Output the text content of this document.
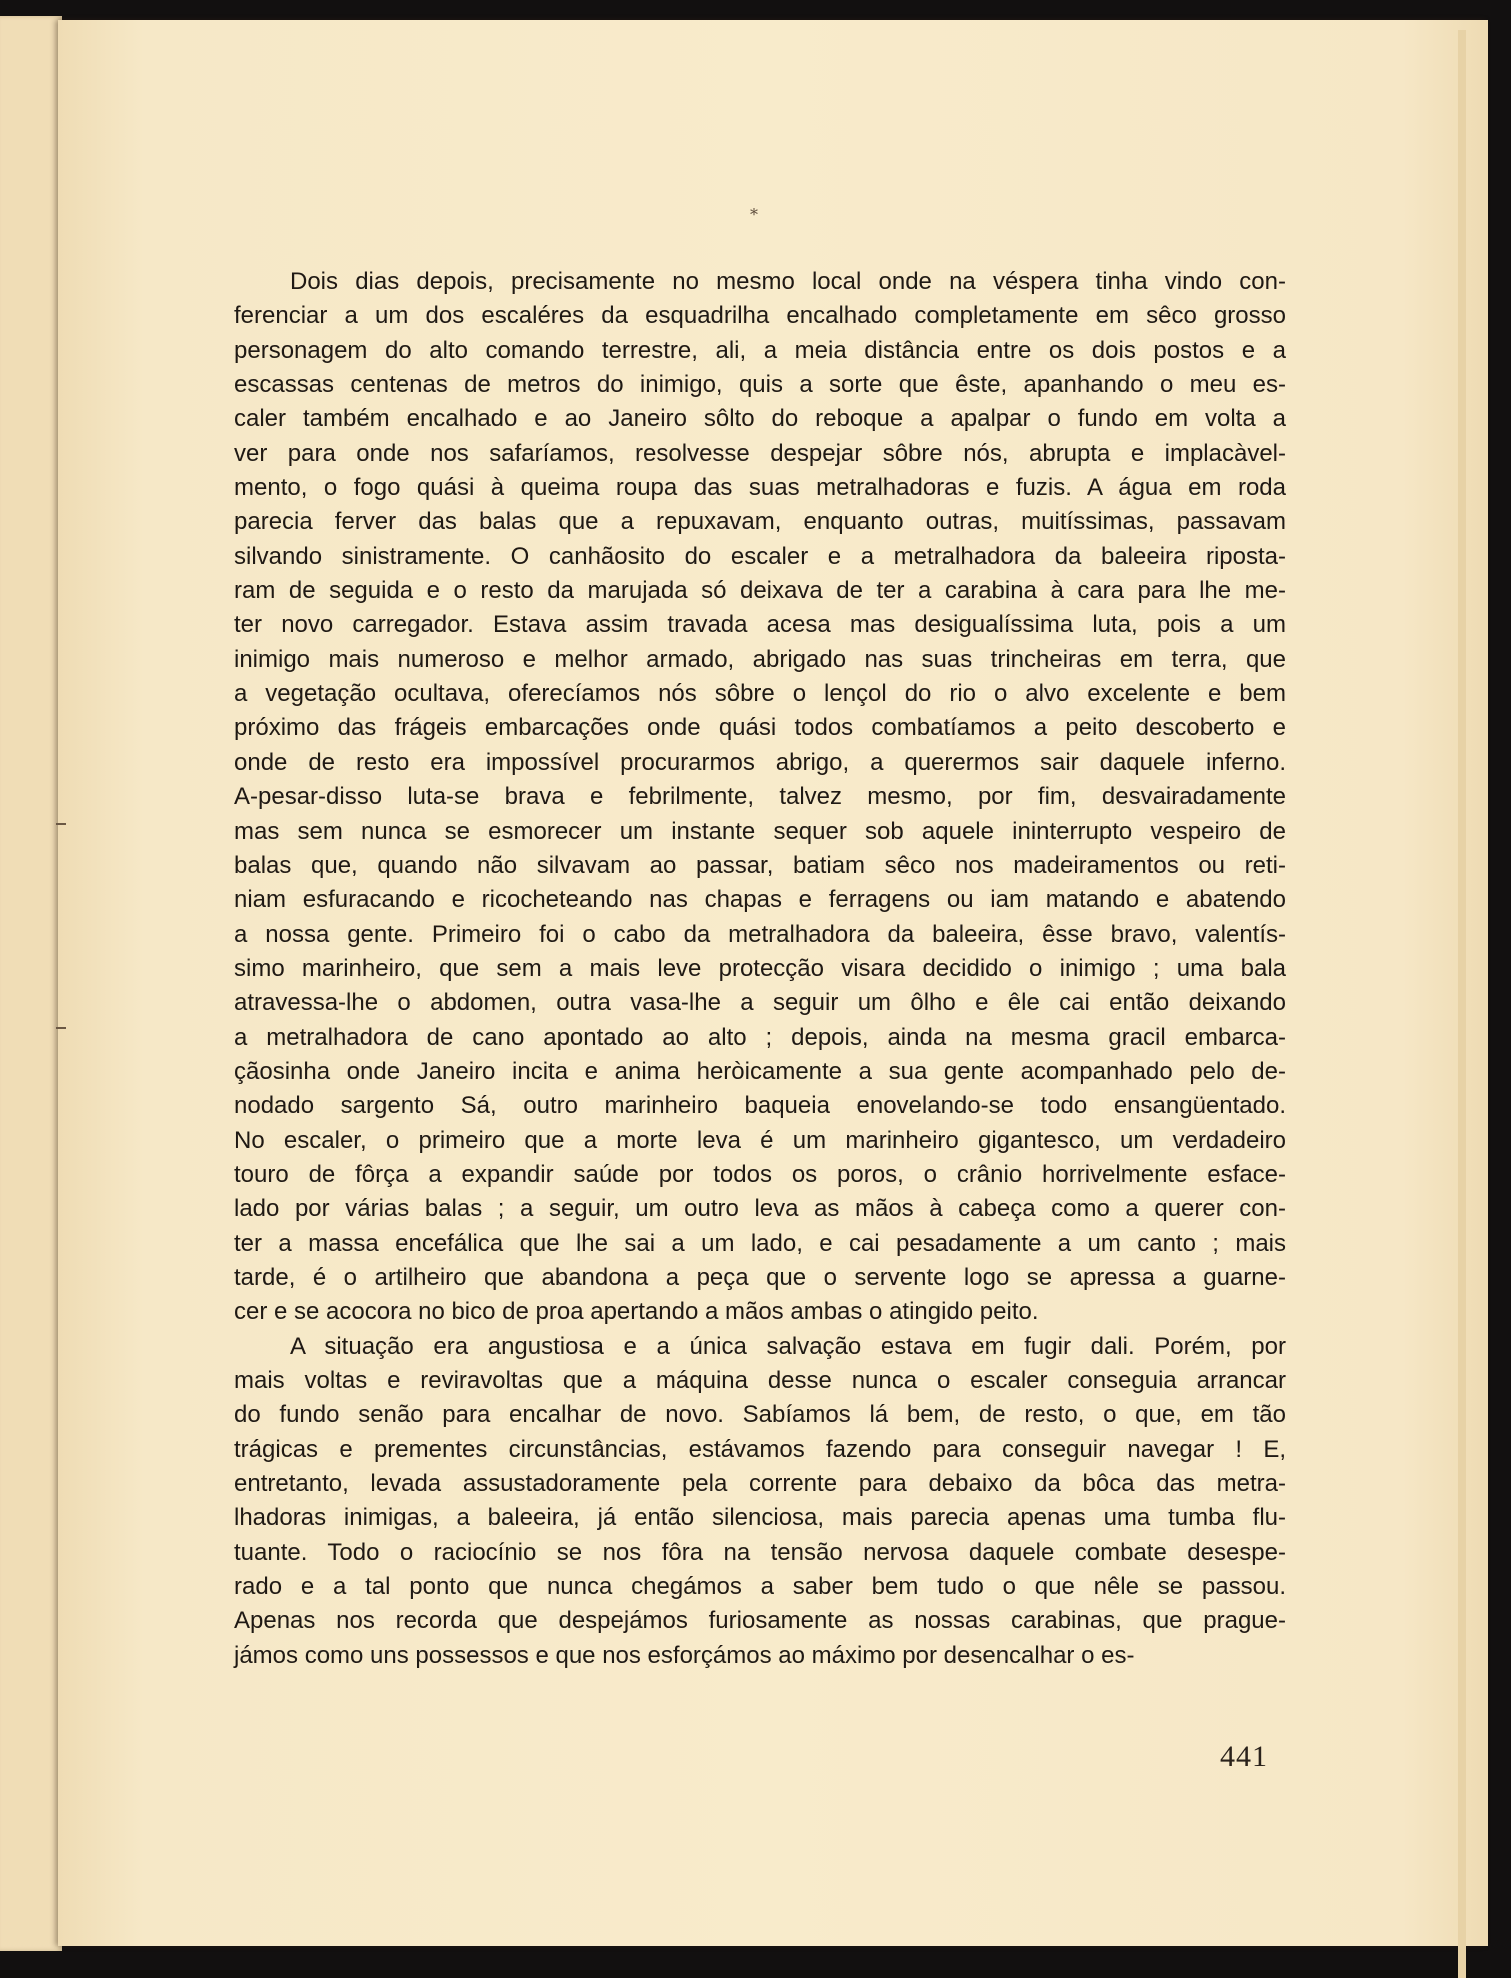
*
Dois dias depois, precisamente no mesmo local onde na véspera tinha vindo con-
ferenciar a um dos escaléres da esquadrilha encalhado completamente em sêco grosso
personagem do alto comando terrestre, ali, a meia distância entre os dois postos e a
escassas centenas de metros do inimigo, quis a sorte que êste, apanhando o meu es-
caler também encalhado e ao Janeiro sôlto do reboque a apalpar o fundo em volta a
ver para onde nos safaríamos, resolvesse despejar sôbre nós, abrupta e implacàvel-
mento, o fogo quási à queima roupa das suas metralhadoras e fuzis. A água em roda
parecia ferver das balas que a repuxavam, enquanto outras, muitíssimas, passavam
silvando sinistramente. O canhãosito do escaler e a metralhadora da baleeira riposta-
ram de seguida e o resto da marujada só deixava de ter a carabina à cara para lhe me-
ter novo carregador. Estava assim travada acesa mas desigualíssima luta, pois a um
inimigo mais numeroso e melhor armado, abrigado nas suas trincheiras em terra, que
a vegetação ocultava, oferecíamos nós sôbre o lençol do rio o alvo excelente e bem
próximo das frágeis embarcações onde quási todos combatíamos a peito descoberto e
onde de resto era impossível procurarmos abrigo, a querermos sair daquele inferno.
A-pesar-disso luta-se brava e febrilmente, talvez mesmo, por fim, desvairadamente
mas sem nunca se esmorecer um instante sequer sob aquele ininterrupto vespeiro de
balas que, quando não silvavam ao passar, batiam sêco nos madeiramentos ou reti-
niam esfuracando e ricocheteando nas chapas e ferragens ou iam matando e abatendo
a nossa gente. Primeiro foi o cabo da metralhadora da baleeira, êsse bravo, valentís-
simo marinheiro, que sem a mais leve protecção visara decidido o inimigo ; uma bala
atravessa-lhe o abdomen, outra vasa-lhe a seguir um ôlho e êle cai então deixando
a metralhadora de cano apontado ao alto ; depois, ainda na mesma gracil embarca-
çãosinha onde Janeiro incita e anima heròicamente a sua gente acompanhado pelo de-
nodado sargento Sá, outro marinheiro baqueia enovelando-se todo ensangüentado.
No escaler, o primeiro que a morte leva é um marinheiro gigantesco, um verdadeiro
touro de fôrça a expandir saúde por todos os poros, o crânio horrivelmente esface-
lado por várias balas ; a seguir, um outro leva as mãos à cabeça como a querer con-
ter a massa encefálica que lhe sai a um lado, e cai pesadamente a um canto ; mais
tarde, é o artilheiro que abandona a peça que o servente logo se apressa a guarne-
cer e se acocora no bico de proa apertando a mãos ambas o atingido peito.
A situação era angustiosa e a única salvação estava em fugir dali. Porém, por
mais voltas e reviravoltas que a máquina desse nunca o escaler conseguia arrancar
do fundo senão para encalhar de novo. Sabíamos lá bem, de resto, o que, em tão
trágicas e prementes circunstâncias, estávamos fazendo para conseguir navegar ! E,
entretanto, levada assustadoramente pela corrente para debaixo da bôca das metra-
lhadoras inimigas, a baleeira, já então silenciosa, mais parecia apenas uma tumba flu-
tuante. Todo o raciocínio se nos fôra na tensão nervosa daquele combate desespe-
rado e a tal ponto que nunca chegámos a saber bem tudo o que nêle se passou.
Apenas nos recorda que despejámos furiosamente as nossas carabinas, que prague-
jámos como uns possessos e que nos esforçámos ao máximo por desencalhar o es-
441
